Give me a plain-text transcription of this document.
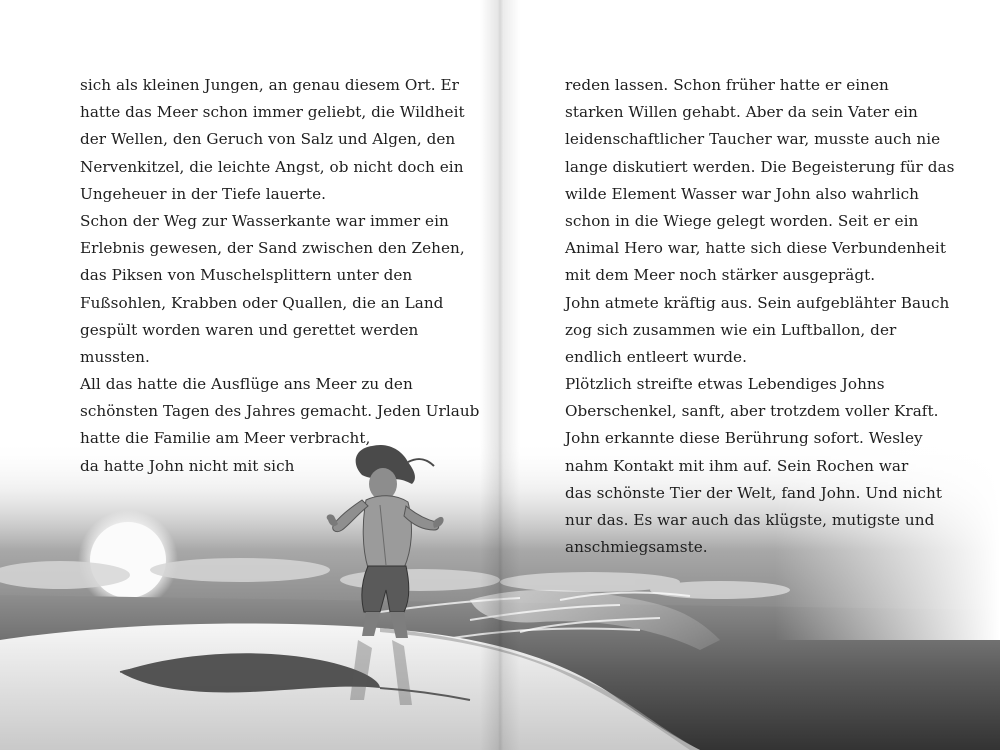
sich als kleinen Jungen, an genau diesem Ort. Er
hatte das Meer schon immer geliebt, die Wildheit
der Wellen, den Geruch von Salz und Algen, den
Nervenkitzel, die leichte Angst, ob nicht doch ein
Ungeheuer in der Tiefe lauerte.
Schon der Weg zur Wasserkante war immer ein
Erlebnis gewesen, der Sand zwischen den Zehen,
das Piksen von Muschelsplittern unter den
Fußsohlen, Krabben oder Quallen, die an Land
gespült worden waren und gerettet werden
mussten.
All das hatte die Ausflüge ans Meer zu den
schönsten Tagen des Jahres gemacht. Jeden Urlaub
hatte die Familie am Meer verbracht,
da hatte John nicht mit sich
reden lassen. Schon früher hatte er einen
starken Willen gehabt. Aber da sein Vater ein
leidenschaftlicher Taucher war, musste auch nie
lange diskutiert werden. Die Begeisterung für das
wilde Element Wasser war John also wahrlich
schon in die Wiege gelegt worden. Seit er ein
Animal Hero war, hatte sich diese Verbundenheit
mit dem Meer noch stärker ausgeprägt.
John atmete kräftig aus. Sein aufgeblähter Bauch
zog sich zusammen wie ein Luftballon, der
endlich entleert wurde.
Plötzlich streifte etwas Lebendiges Johns
Oberschenkel, sanft, aber trotzdem voller Kraft.
John erkannte diese Berührung sofort. Wesley
nahm Kontakt mit ihm auf. Sein Rochen war
das schönste Tier der Welt, fand John. Und nicht
nur das. Es war auch das klügste, mutigste und
anschmiegsamste.
